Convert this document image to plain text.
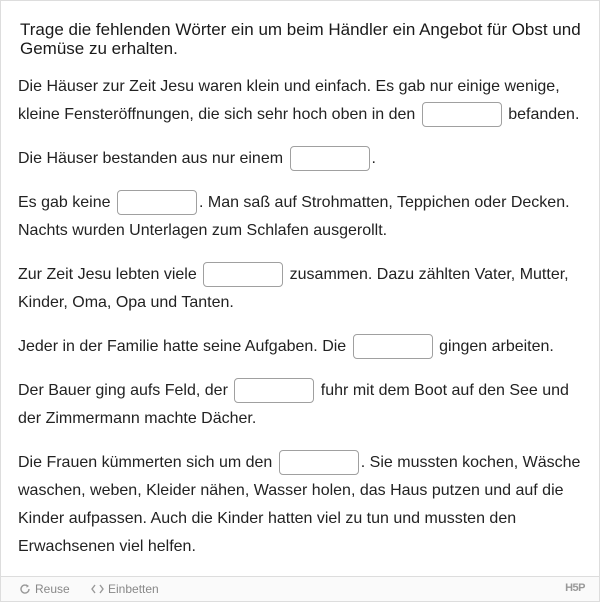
Trage die fehlenden Wörter ein um beim Händler ein Angebot für Obst und Gemüse zu erhalten.

Die Häuser zur Zeit Jesu waren klein und einfach. Es gab nur einige wenige, kleine Fensteröffnungen, die sich sehr hoch oben in den	befanden.

Die Häuser bestanden aus nur einem	.

Es gab keine	. Man saß auf Strohmatten, Teppichen oder Decken. Nachts wurden Unterlagen zum Schlafen ausgerollt.

Zur Zeit Jesu lebten viele	zusammen. Dazu zählten Vater, Mutter, Kinder, Oma, Opa und Tanten.

Jeder in der Familie hatte seine Aufgaben. Die	gingen arbeiten.

Der Bauer ging aufs Feld, der	fuhr mit dem Boot auf den See und der Zimmermann machte Dächer.

Die Frauen kümmerten sich um den	. Sie mussten kochen, Wäsche waschen, weben, Kleider nähen, Wasser holen, das Haus putzen und auf die Kinder aufpassen. Auch die Kinder hatten viel zu tun und mussten den Erwachsenen viel helfen.

Reuse	Einbetten	H5P
